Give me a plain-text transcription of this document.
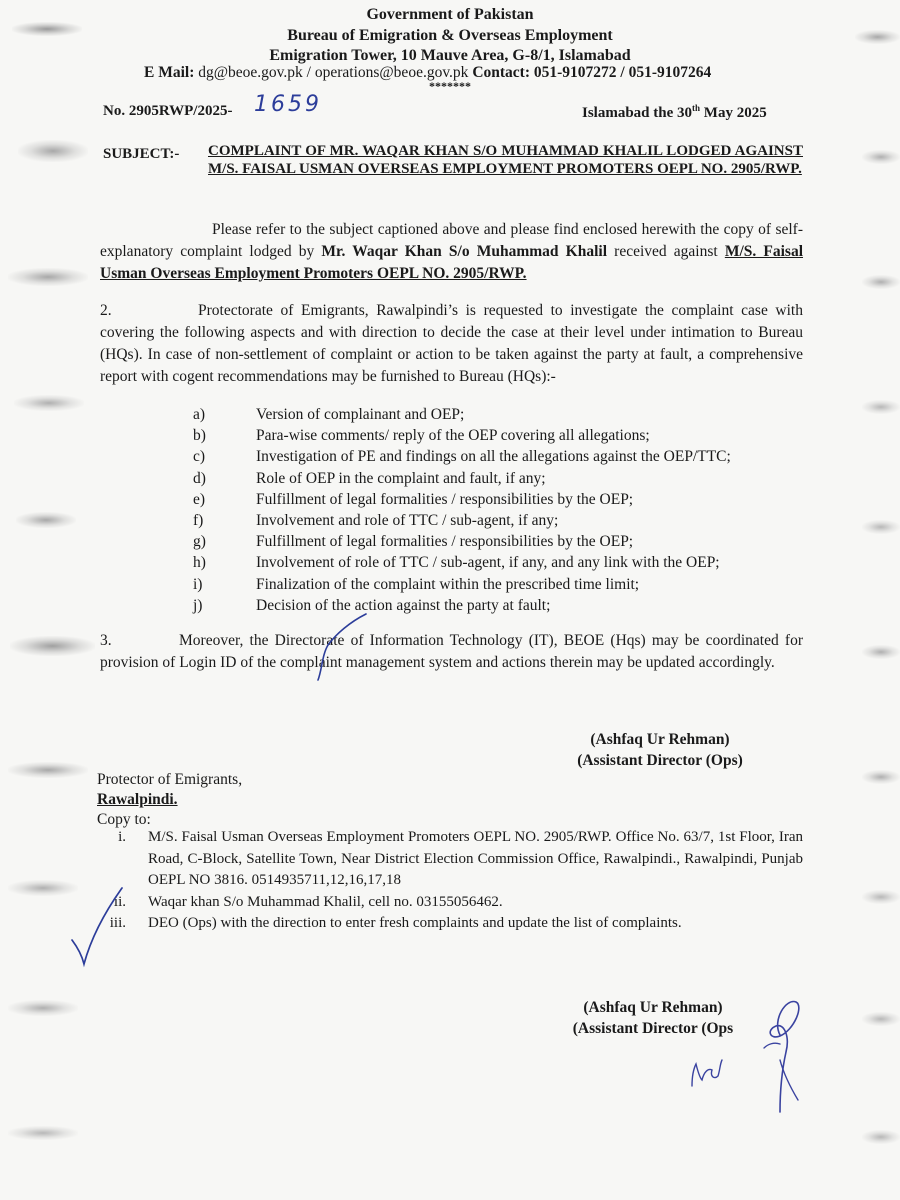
Government of Pakistan
Bureau of Emigration & Overseas Employment
Emigration Tower, 10 Mauve Area, G-8/1, Islamabad
E Mail: dg@beoe.gov.pk / operations@beoe.gov.pk Contact: 051-9107272 / 051-9107264
*******
No. 2905RWP/2025- 1659	Islamabad the 30th May 2025
SUBJECT:- COMPLAINT OF MR. WAQAR KHAN S/O MUHAMMAD KHALIL LODGED AGAINST M/S. FAISAL USMAN OVERSEAS EMPLOYMENT PROMOTERS OEPL NO. 2905/RWP.
Please refer to the subject captioned above and please find enclosed herewith the copy of self-explanatory complaint lodged by Mr. Waqar Khan S/o Muhammad Khalil received against M/S. Faisal Usman Overseas Employment Promoters OEPL NO. 2905/RWP.
2.	Protectorate of Emigrants, Rawalpindi’s is requested to investigate the complaint case with covering the following aspects and with direction to decide the case at their level under intimation to Bureau (HQs). In case of non-settlement of complaint or action to be taken against the party at fault, a comprehensive report with cogent recommendations may be furnished to Bureau (HQs):-
a)	Version of complainant and OEP;
b)	Para-wise comments/ reply of the OEP covering all allegations;
c)	Investigation of PE and findings on all the allegations against the OEP/TTC;
d)	Role of OEP in the complaint and fault, if any;
e)	Fulfillment of legal formalities / responsibilities by the OEP;
f)	Involvement and role of TTC / sub-agent, if any;
g)	Fulfillment of legal formalities / responsibilities by the OEP;
h)	Involvement of role of TTC / sub-agent, if any, and any link with the OEP;
i)	Finalization of the complaint within the prescribed time limit;
j)	Decision of the action against the party at fault;
3.	Moreover, the Directorate of Information Technology (IT), BEOE (Hqs) may be coordinated for provision of Login ID of the complaint management system and actions therein may be updated accordingly.
(Ashfaq Ur Rehman)
(Assistant Director (Ops)
Protector of Emigrants,
Rawalpindi.
Copy to:
i.	M/S. Faisal Usman Overseas Employment Promoters OEPL NO. 2905/RWP. Office No. 63/7, 1st Floor, Iran Road, C-Block, Satellite Town, Near District Election Commission Office, Rawalpindi., Rawalpindi, Punjab OEPL NO 3816. 0514935711,12,16,17,18
ii.	Waqar khan S/o Muhammad Khalil, cell no. 03155056462.
iii.	DEO (Ops) with the direction to enter fresh complaints and update the list of complaints.
(Ashfaq Ur Rehman)
(Assistant Director (Ops
